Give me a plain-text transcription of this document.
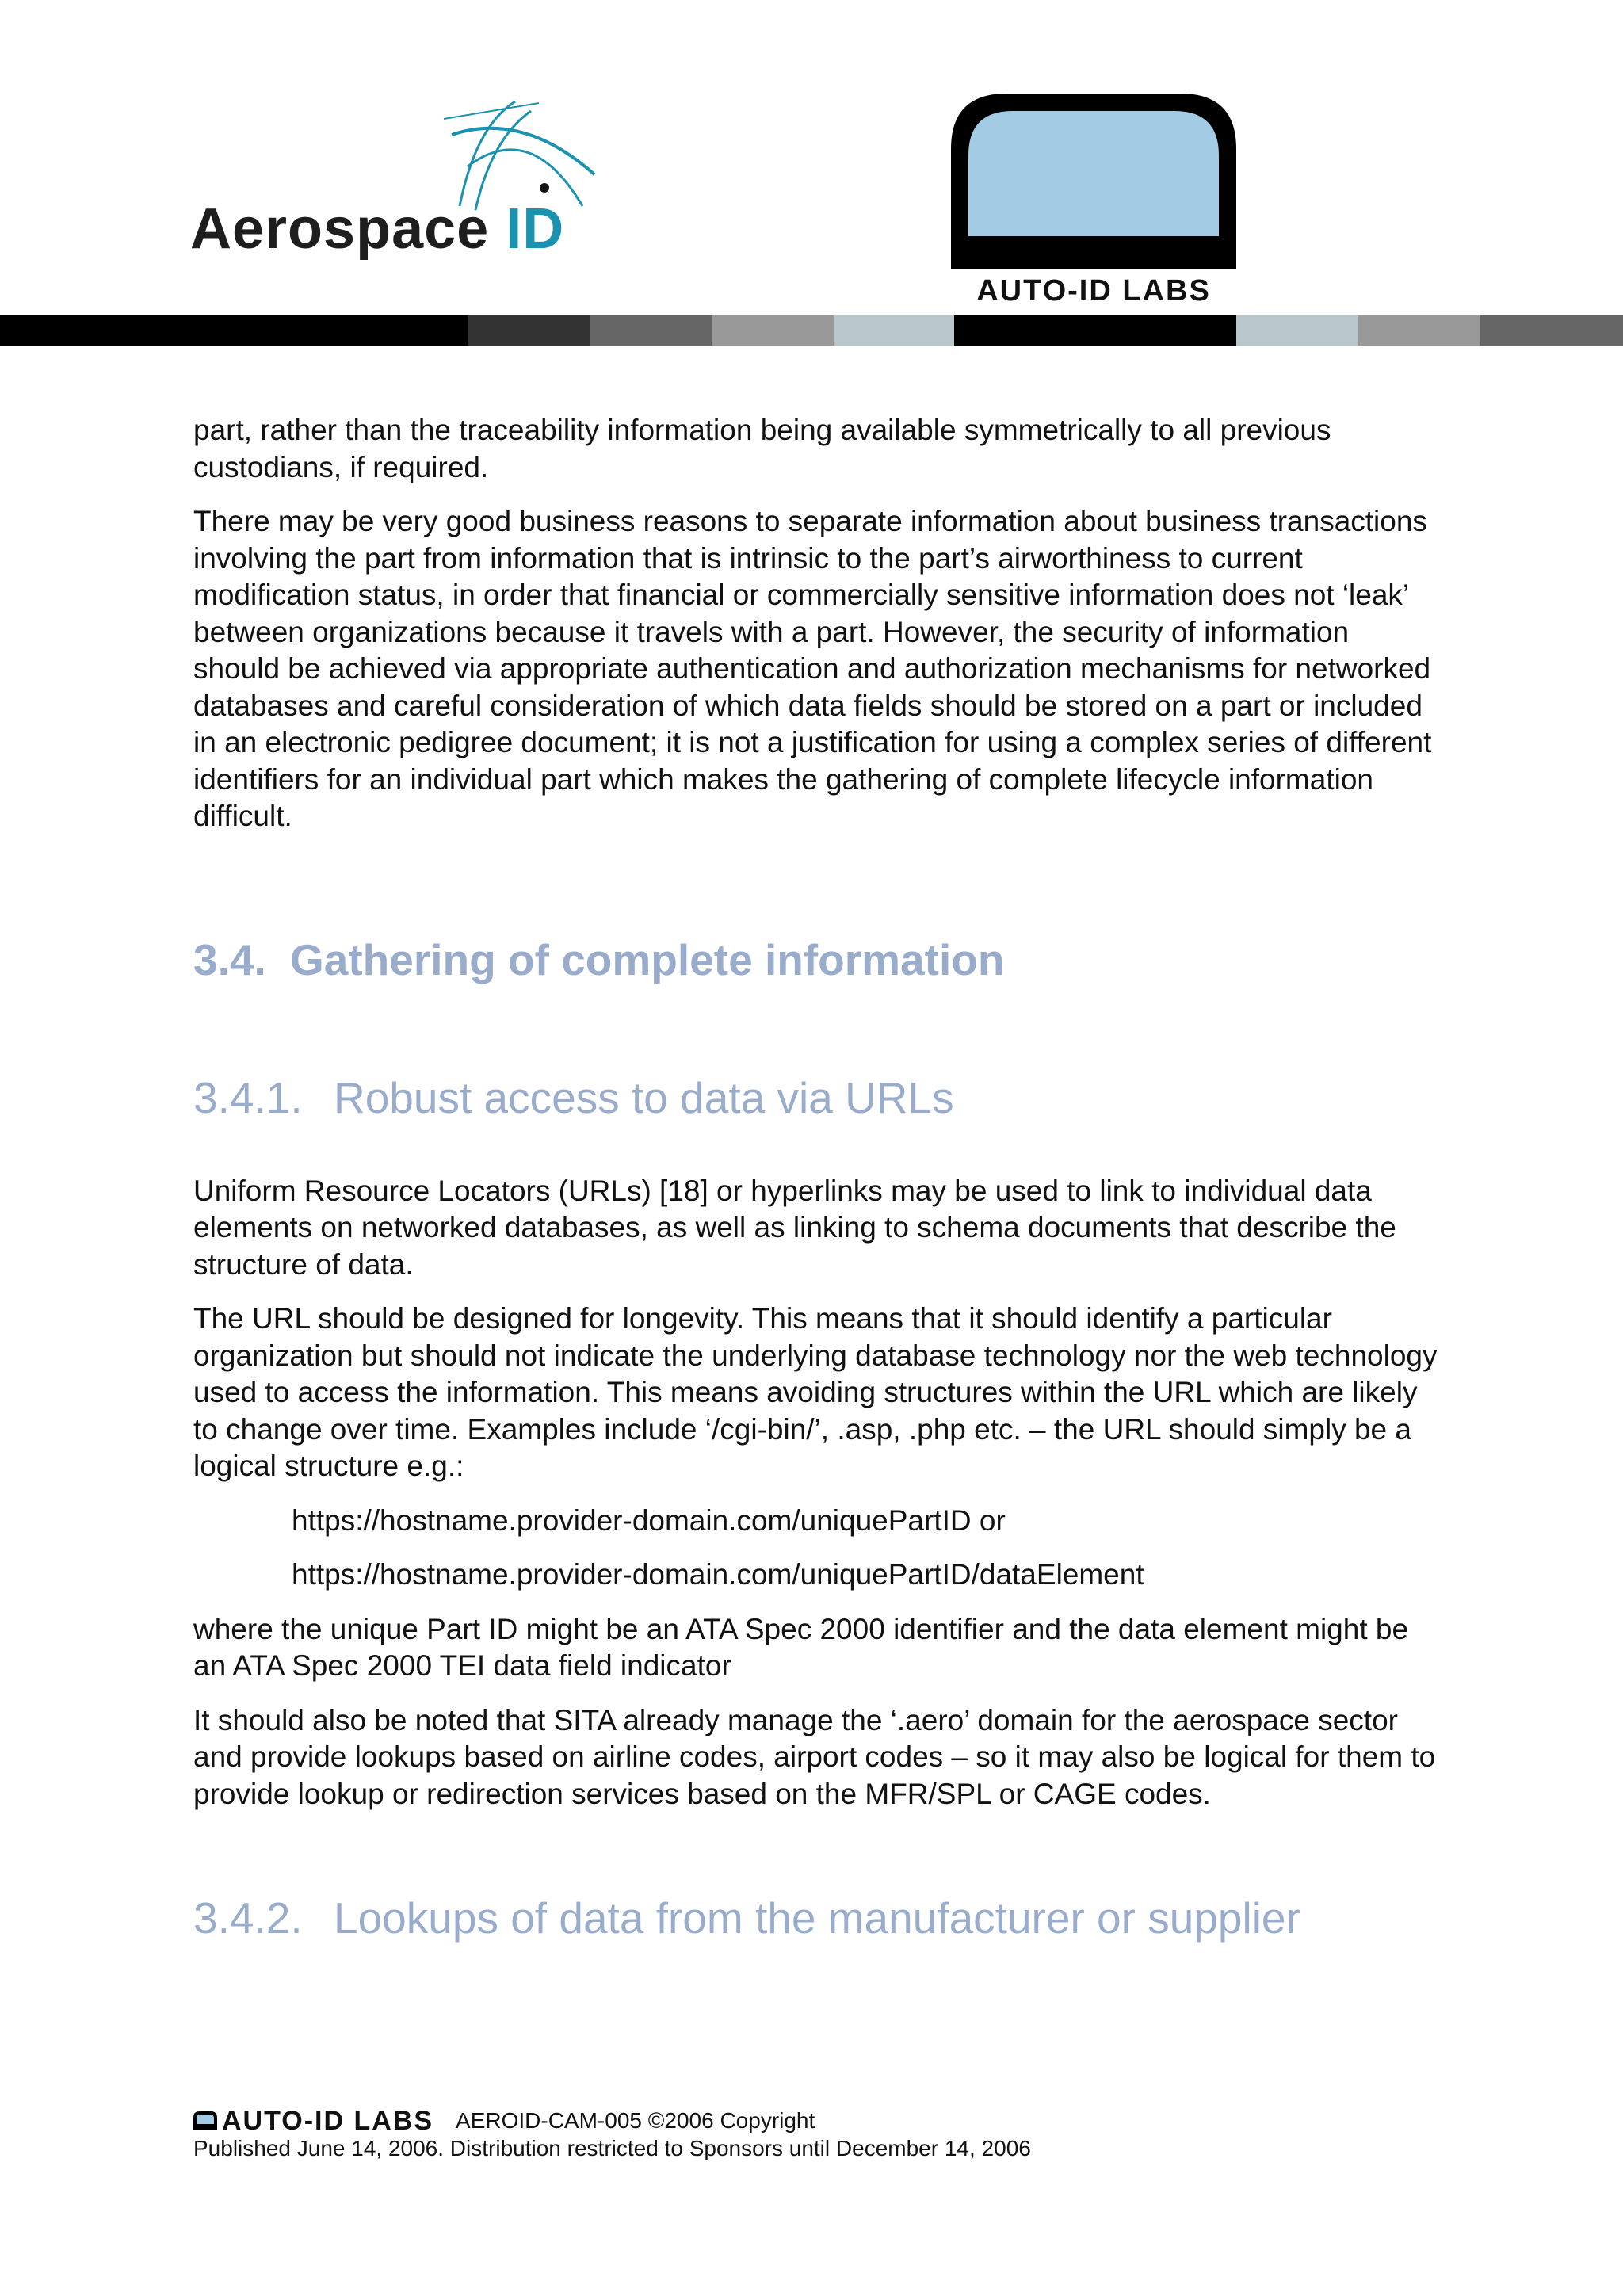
Aerospace ID
AUTO-ID LABS

part, rather than the traceability information being available symmetrically to all previous custodians, if required.

There may be very good business reasons to separate information about business transactions involving the part from information that is intrinsic to the part’s airworthiness to current modification status, in order that financial or commercially sensitive information does not ‘leak’ between organizations because it travels with a part. However, the security of information should be achieved via appropriate authentication and authorization mechanisms for networked databases and careful consideration of which data fields should be stored on a part or included in an electronic pedigree document; it is not a justification for using a complex series of different identifiers for an individual part which makes the gathering of complete lifecycle information difficult.

3.4. Gathering of complete information
3.4.1. Robust access to data via URLs

Uniform Resource Locators (URLs) [18] or hyperlinks may be used to link to individual data elements on networked databases, as well as linking to schema documents that describe the structure of data.

The URL should be designed for longevity. This means that it should identify a particular organization but should not indicate the underlying database technology nor the web technology used to access the information. This means avoiding structures within the URL which are likely to change over time. Examples include ‘/cgi-bin/’, .asp, .php etc. – the URL should simply be a logical structure e.g.:

https://hostname.provider-domain.com/uniquePartID or

https://hostname.provider-domain.com/uniquePartID/dataElement

where the unique Part ID might be an ATA Spec 2000 identifier and the data element might be an ATA Spec 2000 TEI data field indicator

It should also be noted that SITA already manage the ‘.aero’ domain for the aerospace sector and provide lookups based on airline codes, airport codes – so it may also be logical for them to provide lookup or redirection services based on the MFR/SPL or CAGE codes.

3.4.2. Lookups of data from the manufacturer or supplier
AUTO-ID LABS AEROID-CAM-005 ©2006 Copyright
Published June 14, 2006. Distribution restricted to Sponsors until December 14, 2006
